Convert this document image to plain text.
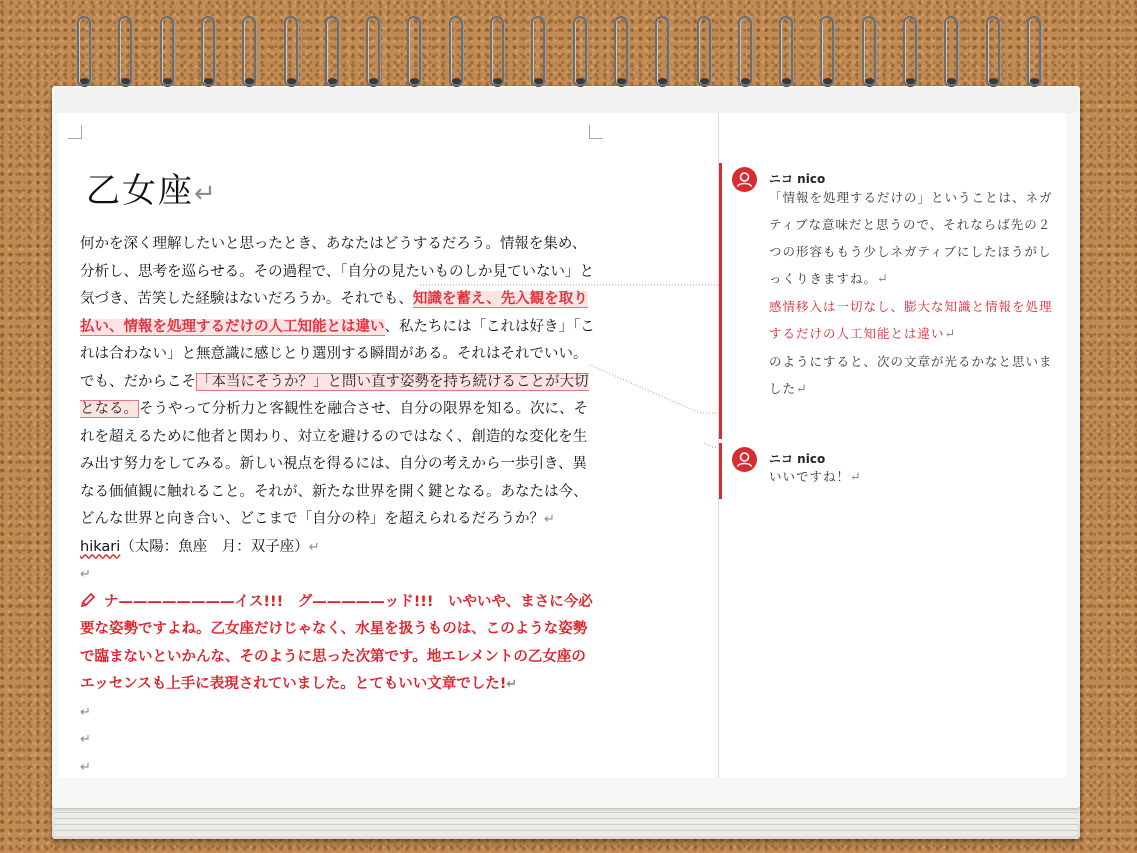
乙女座↵

何かを深く理解したいと思ったとき、あなたはどうするだろう。情報を集め、分析し、思考を巡らせる。その過程で、「自分の見たいものしか見ていない」と気づき、苦笑した経験はないだろうか。それでも、知識を蓄え、先入観を取り払い、情報を処理するだけの人工知能とは違い、私たちには「これは好き」「これは合わない」と無意識に感じとり選別する瞬間がある。それはそれでいい。でも、だからこそ「本当にそうか？」と問い直す姿勢を持ち続けることが大切となる。そうやって分析力と客観性を融合させ、自分の限界を知る。次に、それを超えるために他者と関わり、対立を避けるのではなく、創造的な変化を生み出す努力をしてみる。新しい視点を得るには、自分の考えから一歩引き、異なる価値観に触れること。それが、新たな世界を開く鍵となる。あなたは今、どんな世界と向き合い、どこまで「自分の枠」を超えられるだろうか？↵

hikari（太陽：魚座　月：双子座）↵

↵

ナ————————イス!!!　グ—————ッド!!!　いやいや、まさに今必要な姿勢ですよね。乙女座だけじゃなく、水星を扱うものは、このような姿勢で臨まないといかんな、そのように思った次第です。地エレメントの乙女座のエッセンスも上手に表現されていました。とてもいい文章でした!↵

↵

↵

↵

ニコ nico
「情報を処理するだけの」ということは、ネガティブな意味だと思うので、それならば先の２つの形容ももう少しネガティブにしたほうがしっくりきますね。↵
感情移入は一切なし、膨大な知識と情報を処理するだけの人工知能とは違い↵
のようにすると、次の文章が光るかなと思いました↵
ニコ nico
いいですね！↵
